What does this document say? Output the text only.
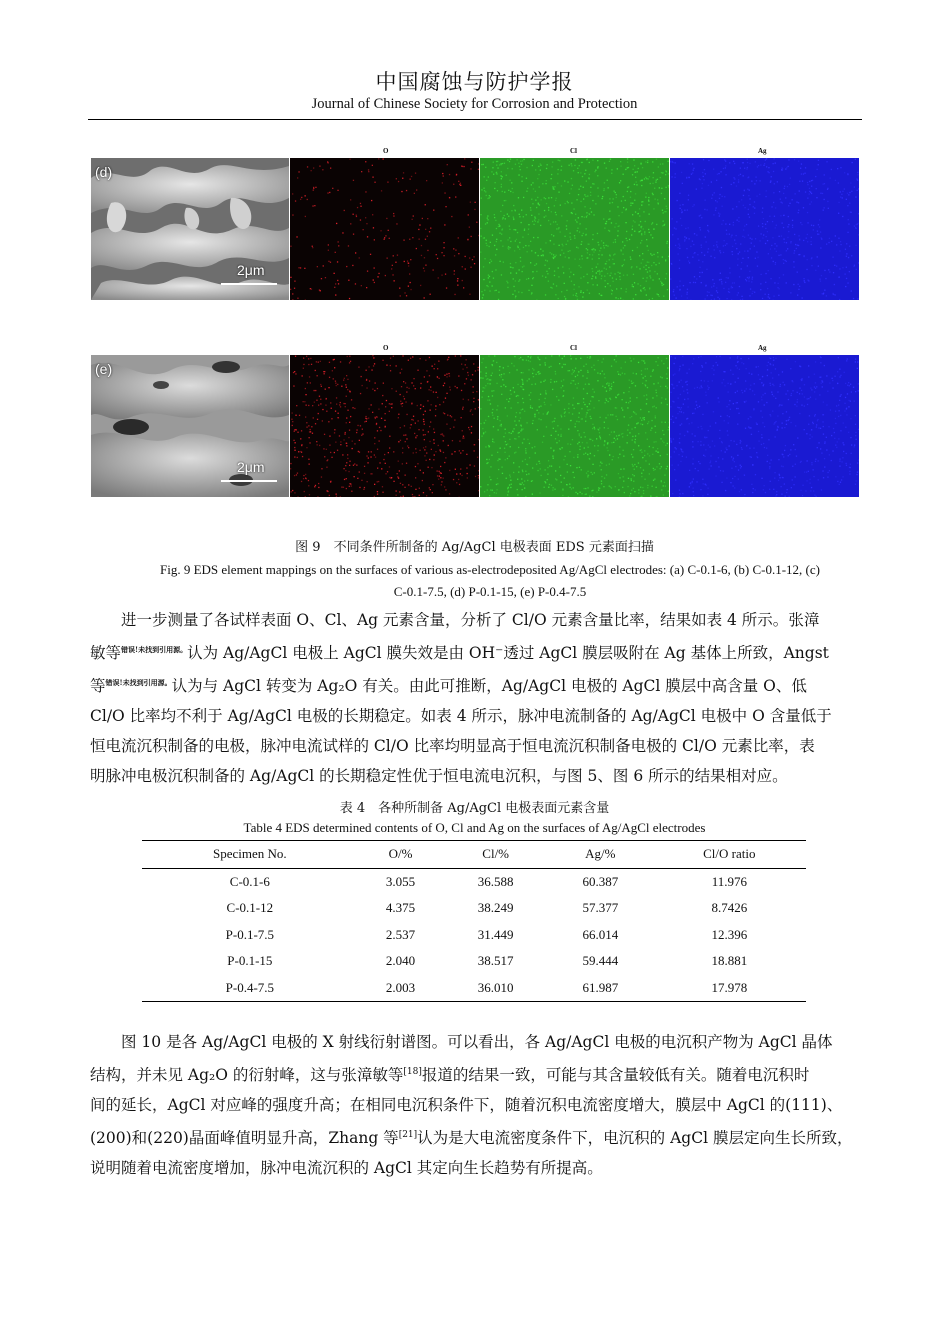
中国腐蚀与防护学报
Journal of Chinese Society for Corrosion and Protection
O	Cl	Ag
(d)
2μm
O	Cl	Ag
(e)
2μm
图 9　不同条件所制备的 Ag/AgCl 电极表面 EDS 元素面扫描
Fig. 9 EDS element mappings on the surfaces of various as-electrodeposited Ag/AgCl electrodes: (a) C-0.1-6, (b) C-0.1-12, (c)
C-0.1-7.5, (d) P-0.1-15, (e) P-0.4-7.5
进一步测量了各试样表面 O、Cl、Ag 元素含量，分析了 Cl/O 元素含量比率，结果如表 4 所示。张漳
敏等$^{错误!未找到引用源。}$认为 Ag/AgCl 电极上 AgCl 膜失效是由 OH⁻透过 AgCl 膜层吸附在 Ag 基体上所致，Angst
等$^{错误!未找到引用源。}$认为与 AgCl 转变为 Ag₂O 有关。由此可推断，Ag/AgCl 电极的 AgCl 膜层中高含量 O、低
Cl/O 比率均不利于 Ag/AgCl 电极的长期稳定。如表 4 所示，脉冲电流制备的 Ag/AgCl 电极中 O 含量低于
恒电流沉积制备的电极，脉冲电流试样的 Cl/O 比率均明显高于恒电流沉积制备电极的 Cl/O 元素比率，表
明脉冲电极沉积制备的 Ag/AgCl 的长期稳定性优于恒电流电沉积，与图 5、图 6 所示的结果相对应。
表 4　各种所制备 Ag/AgCl 电极表面元素含量
Table 4 EDS determined contents of O, Cl and Ag on the surfaces of Ag/AgCl electrodes
Specimen No.	O/%	Cl/%	Ag/%	Cl/O ratio
C-0.1-6	3.055	36.588	60.387	11.976
C-0.1-12	4.375	38.249	57.377	8.7426
P-0.1-7.5	2.537	31.449	66.014	12.396
P-0.1-15	2.040	38.517	59.444	18.881
P-0.4-7.5	2.003	36.010	61.987	17.978
图 10 是各 Ag/AgCl 电极的 X 射线衍射谱图。可以看出，各 Ag/AgCl 电极的电沉积产物为 AgCl 晶体
结构，并未见 Ag₂O 的衍射峰，这与张漳敏等[18]报道的结果一致，可能与其含量较低有关。随着电沉积时
间的延长，AgCl 对应峰的强度升高；在相同电沉积条件下，随着沉积电流密度增大，膜层中 AgCl 的(111)、
(200)和(220)晶面峰值明显升高，Zhang 等[21]认为是大电流密度条件下，电沉积的 AgCl 膜层定向生长所致，
说明随着电流密度增加，脉冲电流沉积的 AgCl 其定向生长趋势有所提高。
